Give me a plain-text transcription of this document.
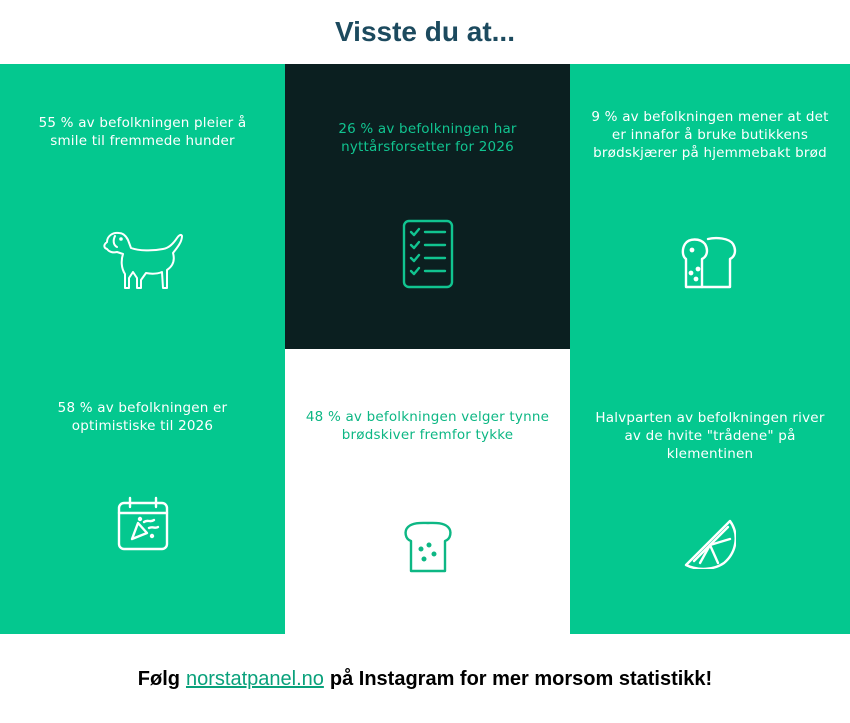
Visste du at...
55 % av befolkningen pleier å smile til fremmede hunder
26 % av befolkningen har nyttårsforsetter for 2026
9 % av befolkningen mener at det er innafor å bruke butikkens brødskjærer på hjemmebakt brød
58 % av befolkningen er optimistiske til 2026
48 % av befolkningen velger tynne brødskiver fremfor tykke
Halvparten av befolkningen river av de hvite "trådene" på klementinen
Følg norstatpanel.no på Instagram for mer morsom statistikk!
